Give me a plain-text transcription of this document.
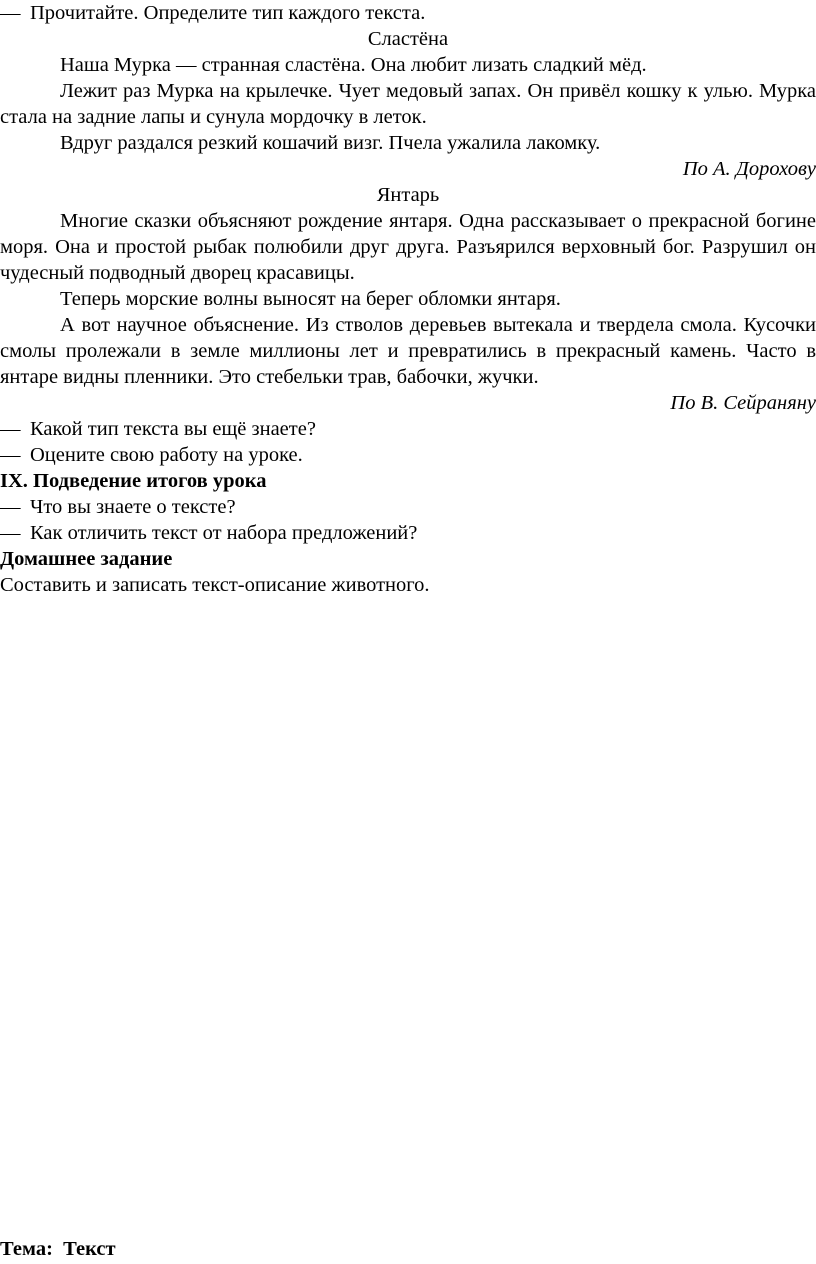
— Прочитайте. Определите тип каждого текста.
Сластёна
Наша Мурка — странная сластёна. Она любит лизать сладкий мёд.
Лежит раз Мурка на крылечке. Чует медовый запах. Он привёл кошку к улью. Мурка стала на задние лапы и сунула мордочку в леток.
Вдруг раздался резкий кошачий визг. Пчела ужалила лакомку.
По А. Дорохову
Янтарь
Многие сказки объясняют рождение янтаря. Одна рассказывает о прекрасной богине моря. Она и простой рыбак полюбили друг друга. Разъярился верховный бог. Разрушил он чудесный подводный дворец красавицы.
Теперь морские волны выносят на берег обломки янтаря.
А вот научное объяснение. Из стволов деревьев вытекала и твердела смола. Кусочки смолы пролежали в земле миллионы лет и превратились в прекрасный камень. Часто в янтаре видны пленники. Это стебельки трав, бабочки, жучки.
По В. Сейраняну
— Какой тип текста вы ещё знаете?
— Оцените свою работу на уроке.
IX. Подведение итогов урока
— Что вы знаете о тексте?
— Как отличить текст от набора предложений?
Домашнее задание
Составить и записать текст-описание животного.
Тема:  Текст
